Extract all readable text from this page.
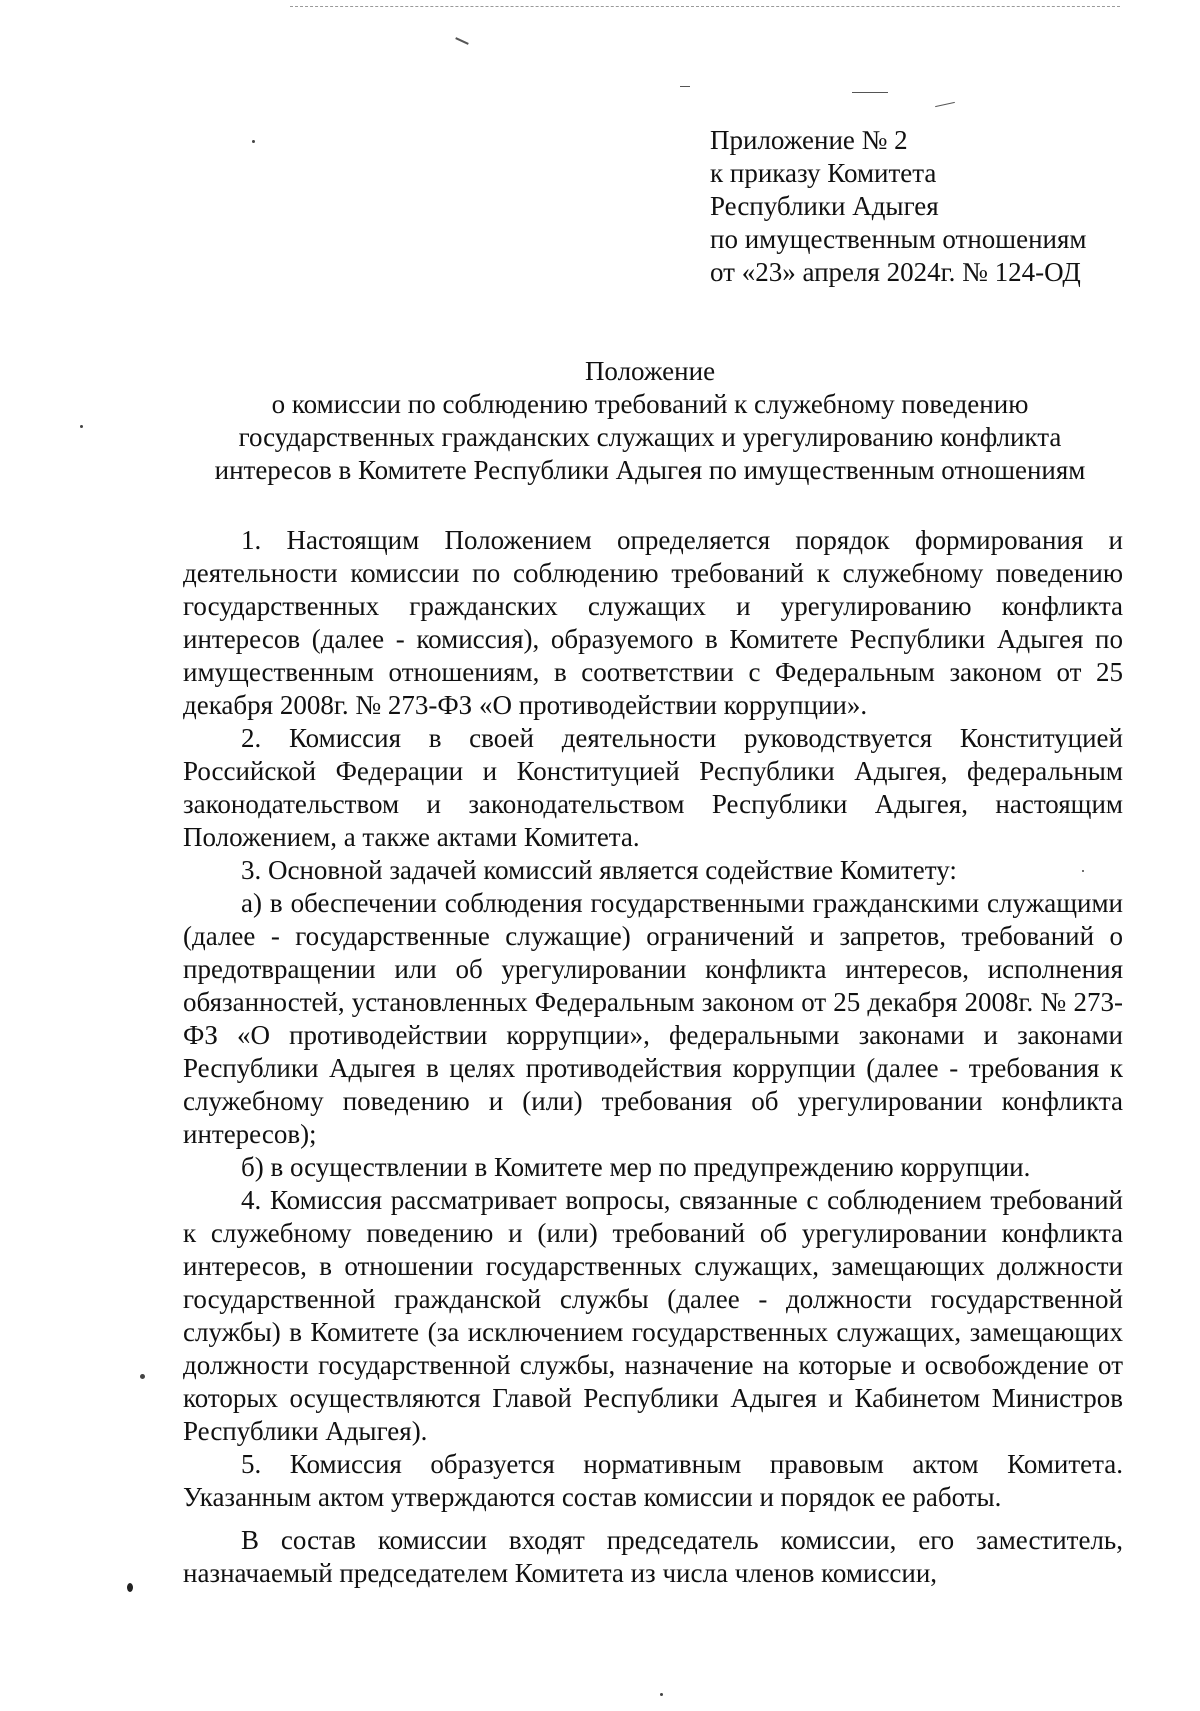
Приложение № 2
к приказу Комитета
Республики Адыгея
по имущественным отношениям
от «23» апреля 2024г. № 124-ОД
Положение
о комиссии по соблюдению требований к служебному поведению
государственных гражданских служащих и урегулированию конфликта
интересов в Комитете Республики Адыгея по имущественным отношениям

1. Настоящим Положением определяется порядок формирования и деятельности комиссии по соблюдению требований к служебному поведению государственных гражданских служащих и урегулированию конфликта интересов (далее - комиссия), образуемого в Комитете Республики Адыгея по имущественным отношениям, в соответствии с Федеральным законом от 25 декабря 2008г. № 273-ФЗ «О противодействии коррупции».

2. Комиссия в своей деятельности руководствуется Конституцией Российской Федерации и Конституцией Республики Адыгея, федеральным законодательством и законодательством Республики Адыгея, настоящим Положением, а также актами Комитета.

3. Основной задачей комиссий является содействие Комитету:

а) в обеспечении соблюдения государственными гражданскими служащими (далее - государственные служащие) ограничений и запретов, требований о предотвращении или об урегулировании конфликта интересов, исполнения обязанностей, установленных Федеральным законом от 25 декабря 2008г. № 273-ФЗ «О противодействии коррупции», федеральными законами и законами Республики Адыгея в целях противодействия коррупции (далее - требования к служебному поведению и (или) требования об урегулировании конфликта интересов);

б) в осуществлении в Комитете мер по предупреждению коррупции.

4. Комиссия рассматривает вопросы, связанные с соблюдением требований к служебному поведению и (или) требований об урегулировании конфликта интересов, в отношении государственных служащих, замещающих должности государственной гражданской службы (далее - должности государственной службы) в Комитете (за исключением государственных служащих, замещающих должности государственной службы, назначение на которые и освобождение от которых осуществляются Главой Республики Адыгея и Кабинетом Министров Республики Адыгея).

5. Комиссия образуется нормативным правовым актом Комитета. Указанным актом утверждаются состав комиссии и порядок ее работы.

В состав комиссии входят председатель комиссии, его заместитель, назначаемый председателем Комитета из числа членов комиссии,
